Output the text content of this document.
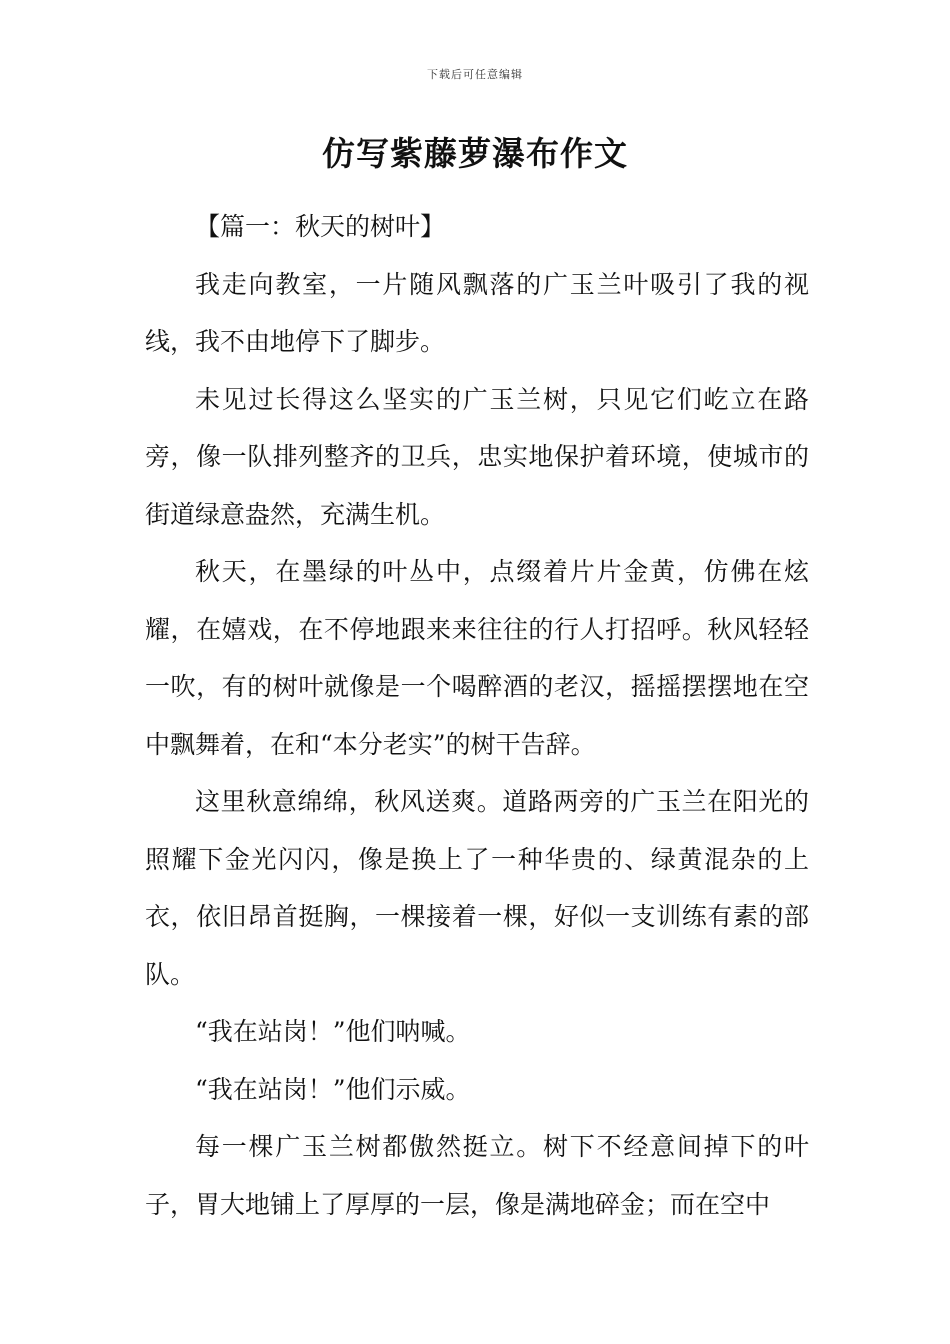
下载后可任意编辑
仿写紫藤萝瀑布作文

【篇一：秋天的树叶】

我走向教室，一片随风飘落的广玉兰叶吸引了我的视线，我不由地停下了脚步。

未见过长得这么坚实的广玉兰树，只见它们屹立在路旁，像一队排列整齐的卫兵，忠实地保护着环境，使城市的街道绿意盎然，充满生机。

秋天，在墨绿的叶丛中，点缀着片片金黄，仿佛在炫耀，在嬉戏，在不停地跟来来往往的行人打招呼。秋风轻轻一吹，有的树叶就像是一个喝醉酒的老汉，摇摇摆摆地在空中飘舞着，在和“本分老实”的树干告辞。

这里秋意绵绵，秋风送爽。道路两旁的广玉兰在阳光的照耀下金光闪闪，像是换上了一种华贵的、绿黄混杂的上衣，依旧昂首挺胸，一棵接着一棵，好似一支训练有素的部队。

“我在站岗！”他们呐喊。

“我在站岗！”他们示威。

每一棵广玉兰树都傲然挺立。树下不经意间掉下的叶子，胃大地铺上了厚厚的一层，像是满地碎金；而在空中
